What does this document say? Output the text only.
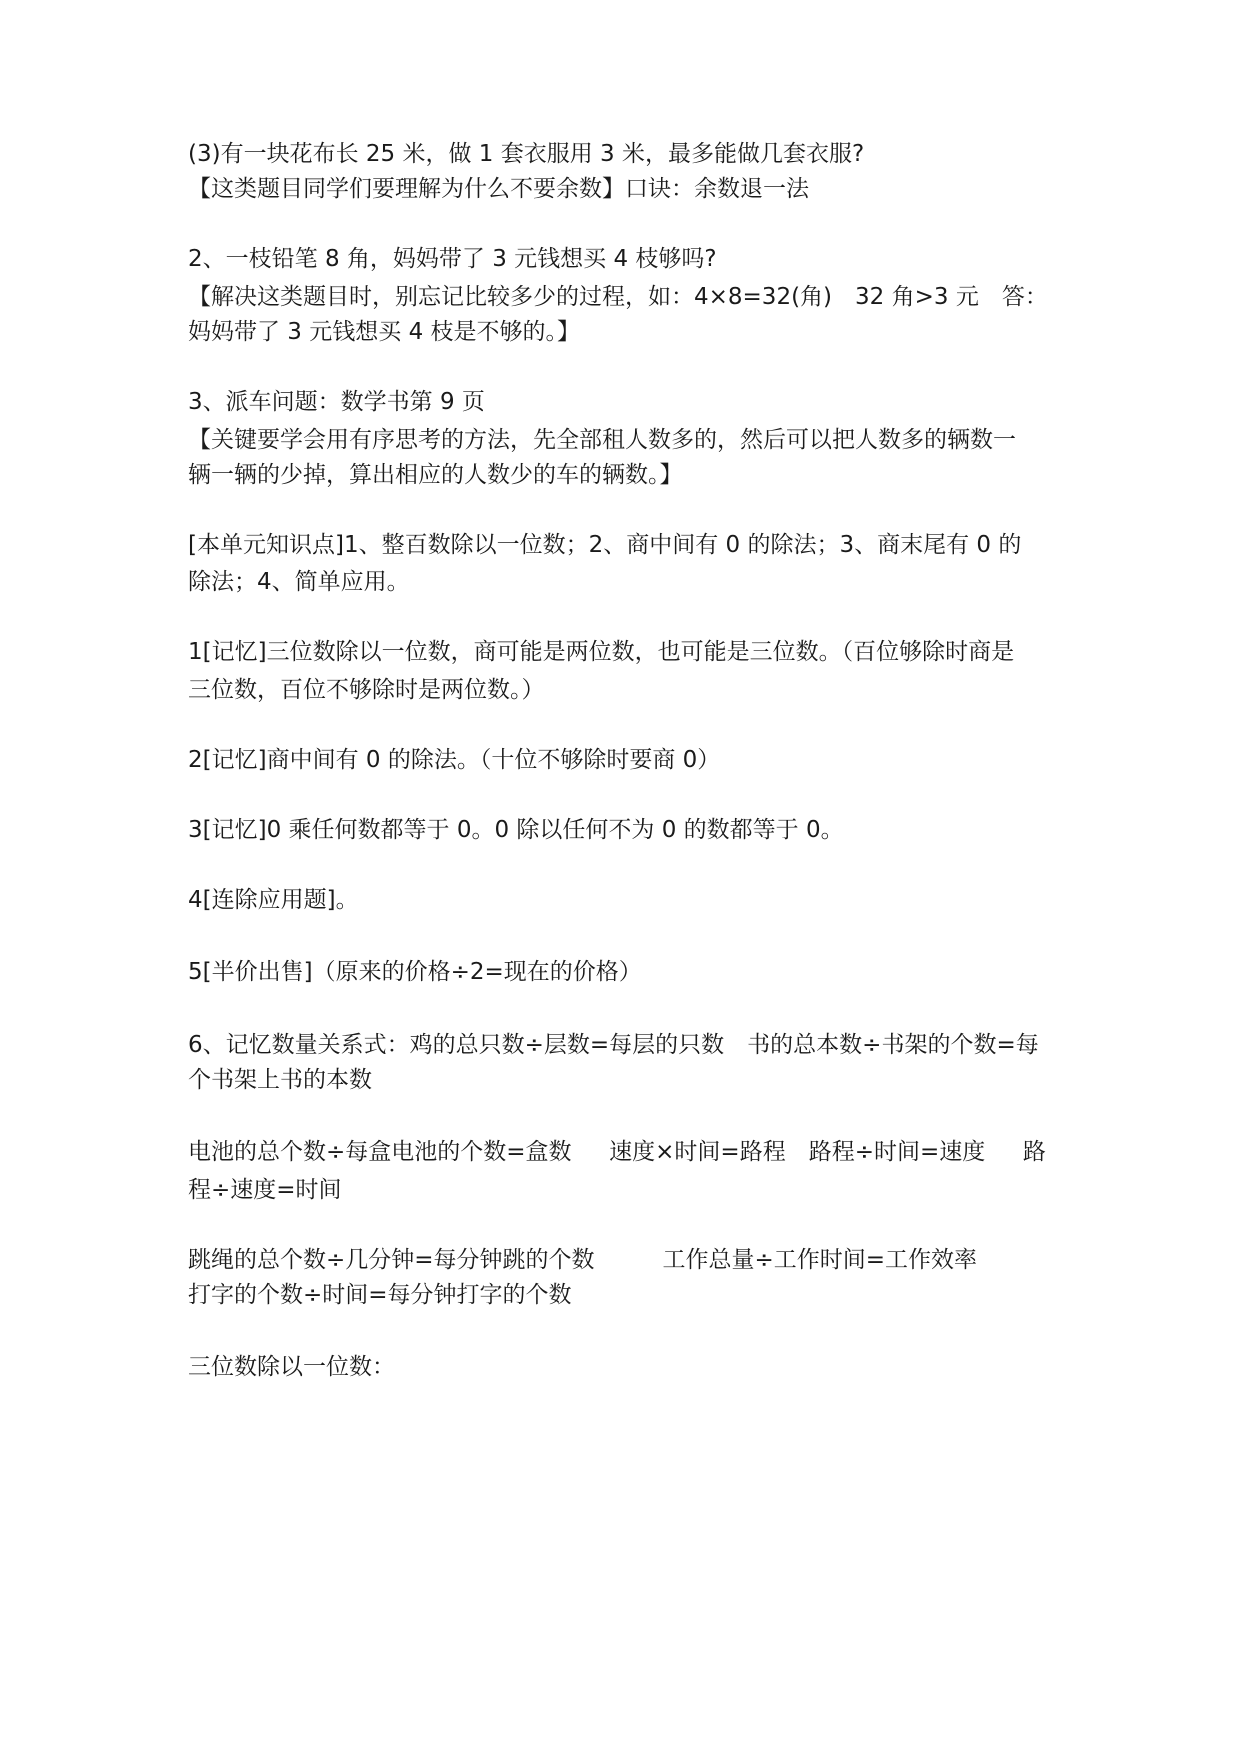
(3)有一块花布长 25 米，做 1 套衣服用 3 米，最多能做几套衣服?
【这类题目同学们要理解为什么不要余数】口诀：余数退一法
2、一枝铅笔 8 角，妈妈带了 3 元钱想买 4 枝够吗?
【解决这类题目时，别忘记比较多少的过程，如：4×8=32(角)　32 角>3 元　答：
妈妈带了 3 元钱想买 4 枝是不够的。】
3、派车问题：数学书第 9 页
【关键要学会用有序思考的方法，先全部租人数多的，然后可以把人数多的辆数一
辆一辆的少掉，算出相应的人数少的车的辆数。】
[本单元知识点]1、整百数除以一位数；2、商中间有 0 的除法；3、商末尾有 0 的
除法；4、简单应用。
1[记忆]三位数除以一位数，商可能是两位数，也可能是三位数。（百位够除时商是
三位数，百位不够除时是两位数。）
2[记忆]商中间有 0 的除法。（十位不够除时要商 0）
3[记忆]0 乘任何数都等于 0。0 除以任何不为 0 的数都等于 0。
4[连除应用题]。
5[半价出售]（原来的价格÷2=现在的价格）
6、记忆数量关系式：鸡的总只数÷层数=每层的只数　书的总本数÷书架的个数=每
个书架上书的本数
电池的总个数÷每盒电池的个数=盒数　  速度×时间=路程　路程÷时间=速度　  路
程÷速度=时间
跳绳的总个数÷几分钟=每分钟跳的个数　　   工作总量÷工作时间=工作效率
打字的个数÷时间=每分钟打字的个数
三位数除以一位数：
